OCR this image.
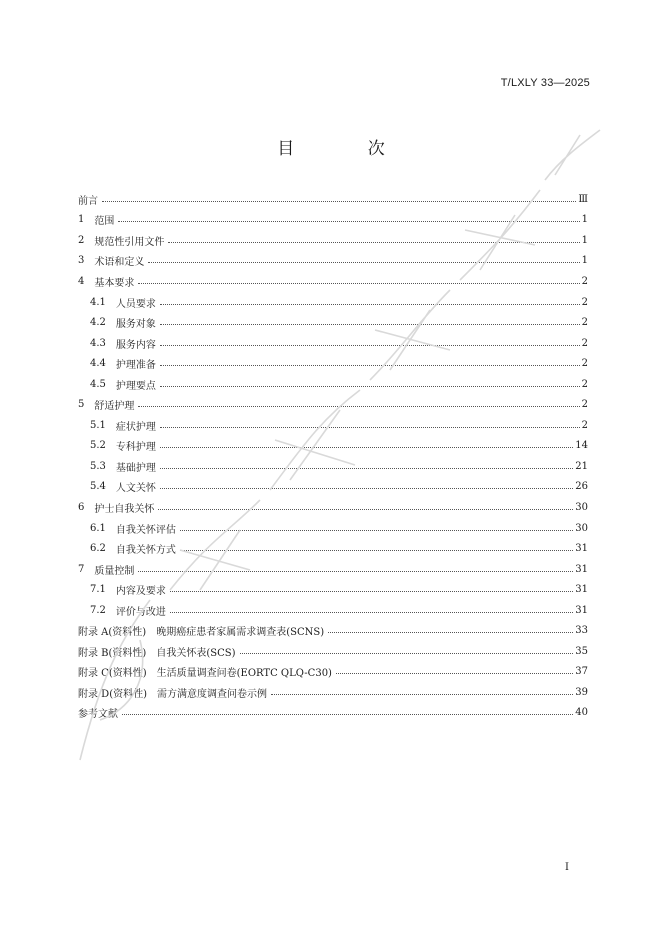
T/LXLY 33—2025
目 次
前言	Ⅲ
1	范围	1
2	规范性引用文件	1
3	术语和定义	1
4	基本要求	2
4.1	人员要求	2
4.2	服务对象	2
4.3	服务内容	2
4.4	护理准备	2
4.5	护理要点	2
5	舒适护理	2
5.1	症状护理	2
5.2	专科护理	14
5.3	基础护理	21
5.4	人文关怀	26
6	护士自我关怀	30
6.1	自我关怀评估	30
6.2	自我关怀方式	31
7	质量控制	31
7.1	内容及要求	31
7.2	评价与改进	31
附录 A(资料性)	晚期癌症患者家属需求调查表(SCNS)	33
附录 B(资料性)	自我关怀表(SCS)	35
附录 C(资料性)	生活质量调查问卷(EORTC QLQ-C30)	37
附录 D(资料性)	需方满意度调查问卷示例	39
参考文献	40
I
